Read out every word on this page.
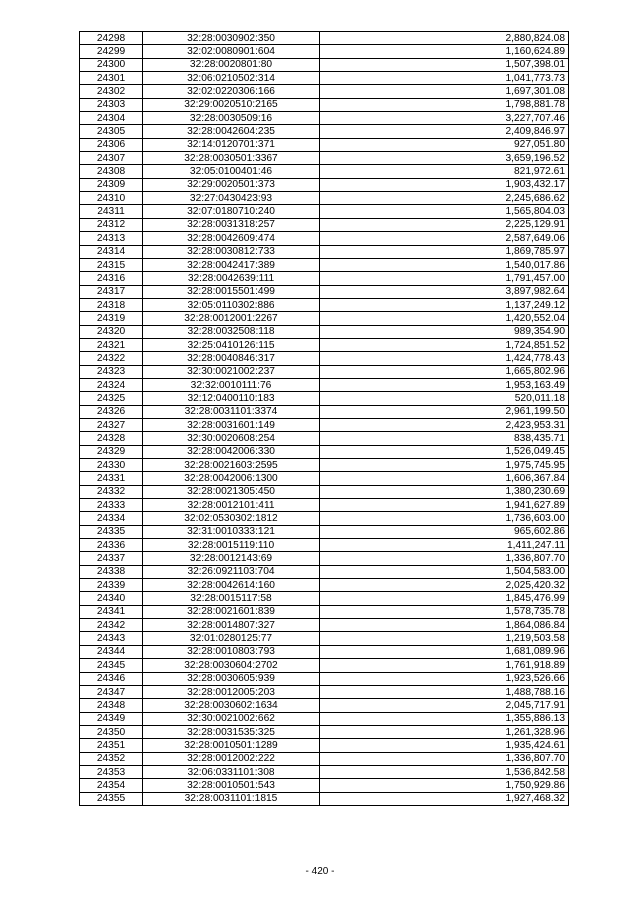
24298	32:28:0030902:350	2,880,824.08
24299	32:02:0080901:604	1,160,624.89
24300	32:28:0020801:80	1,507,398.01
24301	32:06:0210502:314	1,041,773.73
24302	32:02:0220306:166	1,697,301.08
24303	32:29:0020510:2165	1,798,881.78
24304	32:28:0030509:16	3,227,707.46
24305	32:28:0042604:235	2,409,846.97
24306	32:14:0120701:371	927,051.80
24307	32:28:0030501:3367	3,659,196.52
24308	32:05:0100401:46	821,972.61
24309	32:29:0020501:373	1,903,432.17
24310	32:27:0430423:93	2,245,686.62
24311	32:07:0180710:240	1,565,804.03
24312	32:28:0031318:257	2,225,129.91
24313	32:28:0042609:474	2,587,649.06
24314	32:28:0030812:733	1,869,785.97
24315	32:28:0042417:389	1,540,017.86
24316	32:28:0042639:111	1,791,457.00
24317	32:28:0015501:499	3,897,982.64
24318	32:05:0110302:886	1,137,249.12
24319	32:28:0012001:2267	1,420,552.04
24320	32:28:0032508:118	989,354.90
24321	32:25:0410126:115	1,724,851.52
24322	32:28:0040846:317	1,424,778.43
24323	32:30:0021002:237	1,665,802.96
24324	32:32:0010111:76	1,953,163.49
24325	32:12:0400110:183	520,011.18
24326	32:28:0031101:3374	2,961,199.50
24327	32:28:0031601:149	2,423,953.31
24328	32:30:0020608:254	838,435.71
24329	32:28:0042006:330	1,526,049.45
24330	32:28:0021603:2595	1,975,745.95
24331	32:28:0042006:1300	1,606,367.84
24332	32:28:0021305:450	1,380,230.69
24333	32:28:0012101:411	1,941,627.89
24334	32:02:0530302:1812	1,736,603.00
24335	32:31:0010333:121	965,602.86
24336	32:28:0015119:110	1,411,247.11
24337	32:28:0012143:69	1,336,807.70
24338	32:26:0921103:704	1,504,583.00
24339	32:28:0042614:160	2,025,420.32
24340	32:28:0015117:58	1,845,476.99
24341	32:28:0021601:839	1,578,735.78
24342	32:28:0014807:327	1,864,086.84
24343	32:01:0280125:77	1,219,503.58
24344	32:28:0010803:793	1,681,089.96
24345	32:28:0030604:2702	1,761,918.89
24346	32:28:0030605:939	1,923,526.66
24347	32:28:0012005:203	1,488,788.16
24348	32:28:0030602:1634	2,045,717.91
24349	32:30:0021002:662	1,355,886.13
24350	32:28:0031535:325	1,261,328.96
24351	32:28:0010501:1289	1,935,424.61
24352	32:28:0012002:222	1,336,807.70
24353	32:06:0331101:308	1,536,842.58
24354	32:28:0010501:543	1,750,929.86
24355	32:28:0031101:1815	1,927,468.32
- 420 -
